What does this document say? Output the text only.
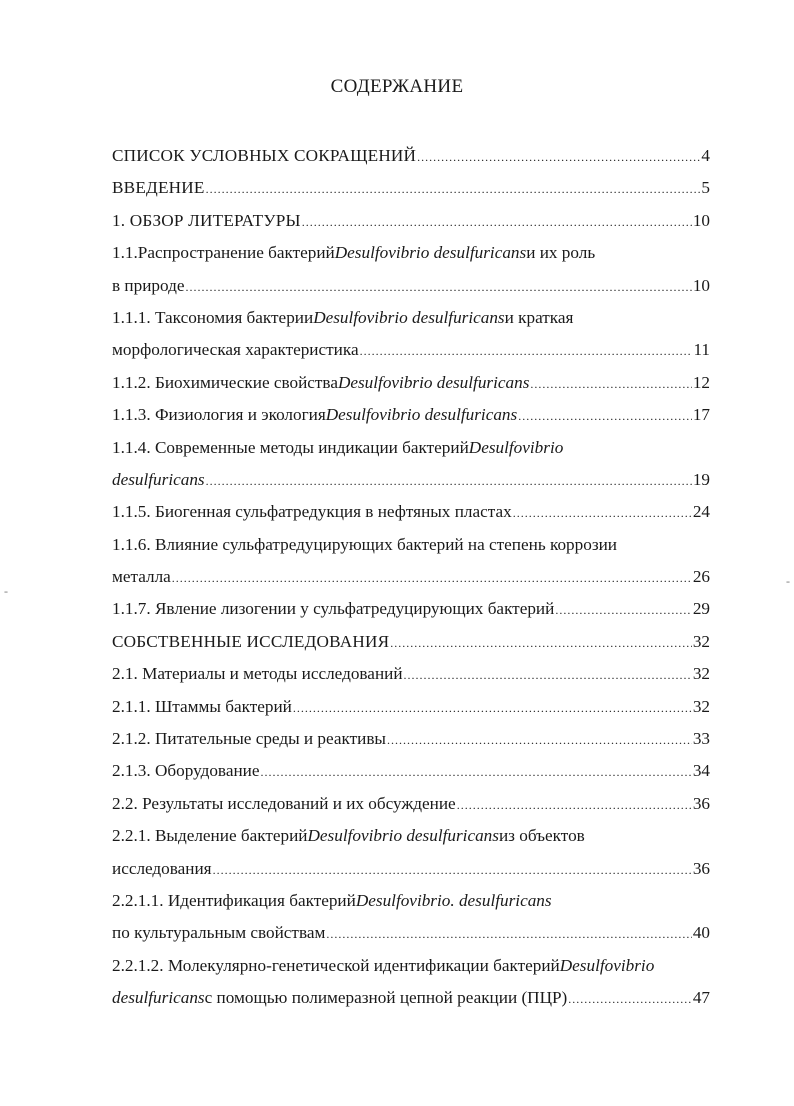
СОДЕРЖАНИЕ
СПИСОК УСЛОВНЫХ СОКРАЩЕНИЙ .....	4
ВВЕДЕНИЕ .....	5
1. ОБЗОР ЛИТЕРАТУРЫ .....	10
1.1.Распространение бактерий Desulfovibrio desulfuricans и их роль
в природе .....	10
1.1.1. Таксономия бактерии Desulfovibrio desulfuricans и краткая
морфологическая характеристика .....	11
1.1.2. Биохимические свойства Desulfovibrio desulfuricans .....	12
1.1.3. Физиология и экология Desulfovibrio desulfuricans .....	17
1.1.4. Современные методы индикации бактерий Desulfovibrio
desulfuricans .....	19
1.1.5. Биогенная сульфатредукция в нефтяных пластах .....	24
1.1.6. Влияние сульфатредуцирующих бактерий на степень коррозии
металла .....	26
1.1.7. Явление лизогении у сульфатредуцирующих бактерий .....	29
СОБСТВЕННЫЕ ИССЛЕДОВАНИЯ .....	32
2.1. Материалы и методы исследований .....	32
2.1.1. Штаммы бактерий .....	32
2.1.2. Питательные среды и реактивы .....	33
2.1.3. Оборудование .....	34
2.2. Результаты исследований и их обсуждение .....	36
2.2.1. Выделение бактерий Desulfovibrio desulfuricans из объектов
исследования .....	36
2.2.1.1. Идентификация бактерий Desulfovibrio. desulfuricans
по культуральным свойствам .....	40
2.2.1.2. Молекулярно-генетической идентификации бактерий Desulfovibrio
desulfuricans с помощью полимеразной цепной реакции (ПЦР) .....	47
-
-
